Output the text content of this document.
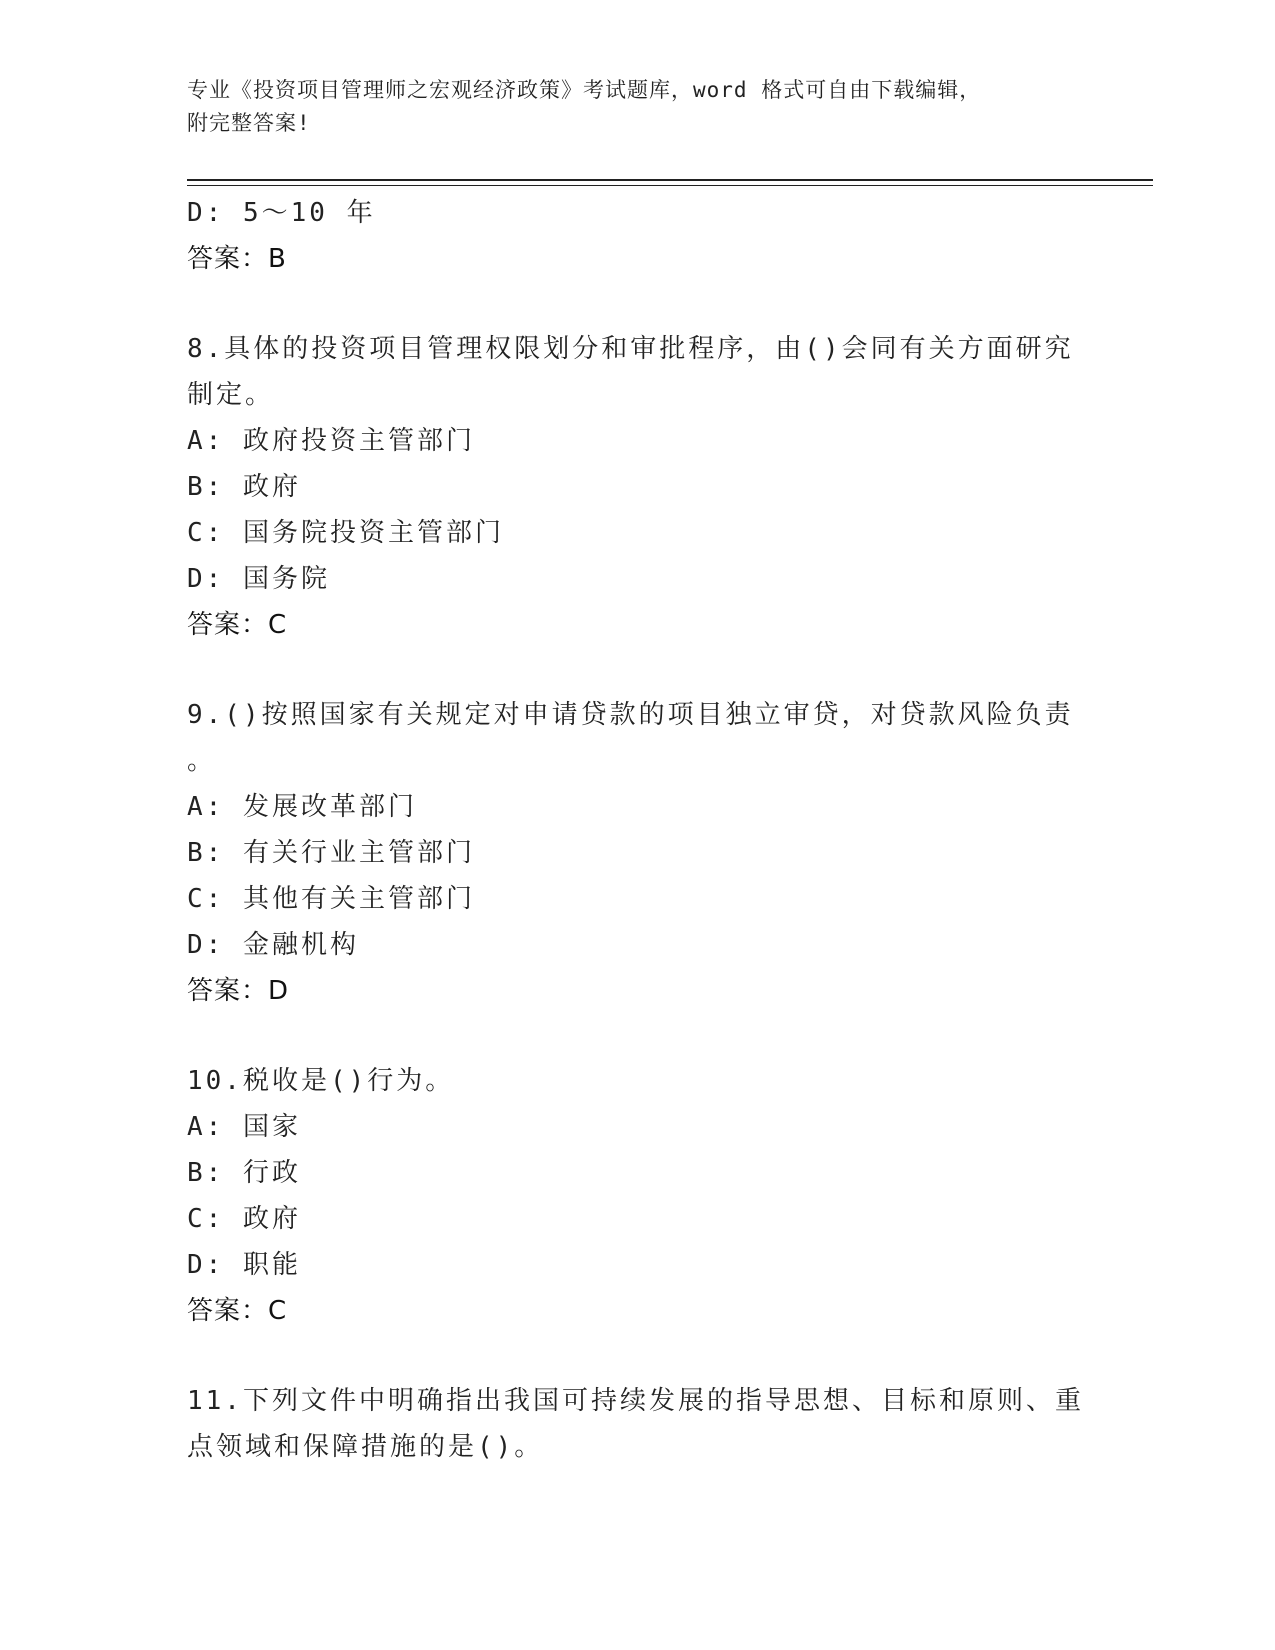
专业《投资项目管理师之宏观经济政策》考试题库，word 格式可自由下载编辑，
附完整答案!
D: 5～10 年
答案：B
8.具体的投资项目管理权限划分和审批程序，由()会同有关方面研究
制定。
A: 政府投资主管部门
B: 政府
C: 国务院投资主管部门
D: 国务院
答案：C
9.()按照国家有关规定对申请贷款的项目独立审贷，对贷款风险负责
。
A: 发展改革部门
B: 有关行业主管部门
C: 其他有关主管部门
D: 金融机构
答案：D
10.税收是()行为。
A: 国家
B: 行政
C: 政府
D: 职能
答案：C
11.下列文件中明确指出我国可持续发展的指导思想、目标和原则、重
点领域和保障措施的是()。
